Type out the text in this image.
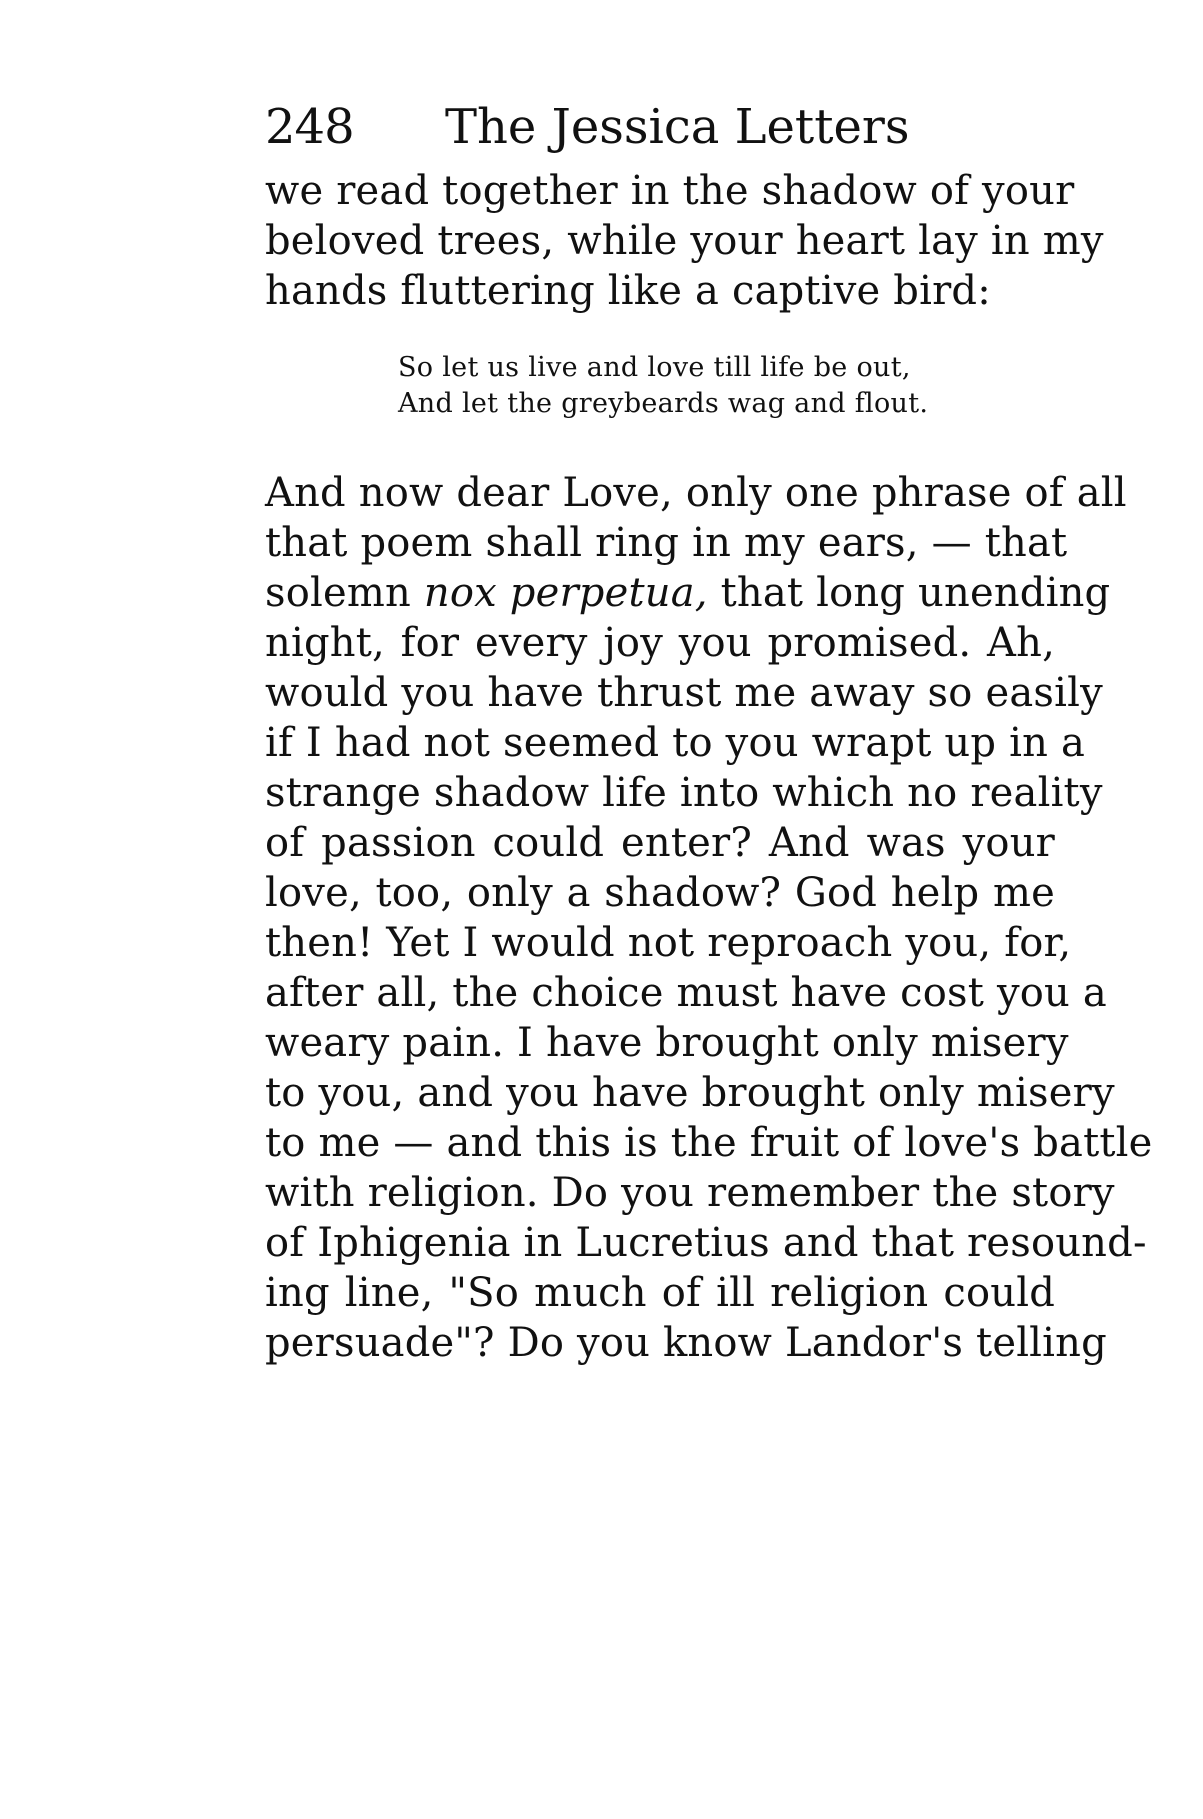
248 The Jessica Letters
we read together in the shadow of your
beloved trees, while your heart lay in my
hands fluttering like a captive bird:
So let us live and love till life be out,
And let the greybeards wag and flout.
And now dear Love, only one phrase of all
that poem shall ring in my ears, — that
solemn nox perpetua, that long unending
night, for every joy you promised. Ah,
would you have thrust me away so easily
if I had not seemed to you wrapt up in a
strange shadow life into which no reality
of passion could enter? And was your
love, too, only a shadow? God help me
then! Yet I would not reproach you, for,
after all, the choice must have cost you a
weary pain. I have brought only misery
to you, and you have brought only misery
to me — and this is the fruit of love's battle
with religion. Do you remember the story
of Iphigenia in Lucretius and that resound-
ing line, "So much of ill religion could
persuade"? Do you know Landor's telling
